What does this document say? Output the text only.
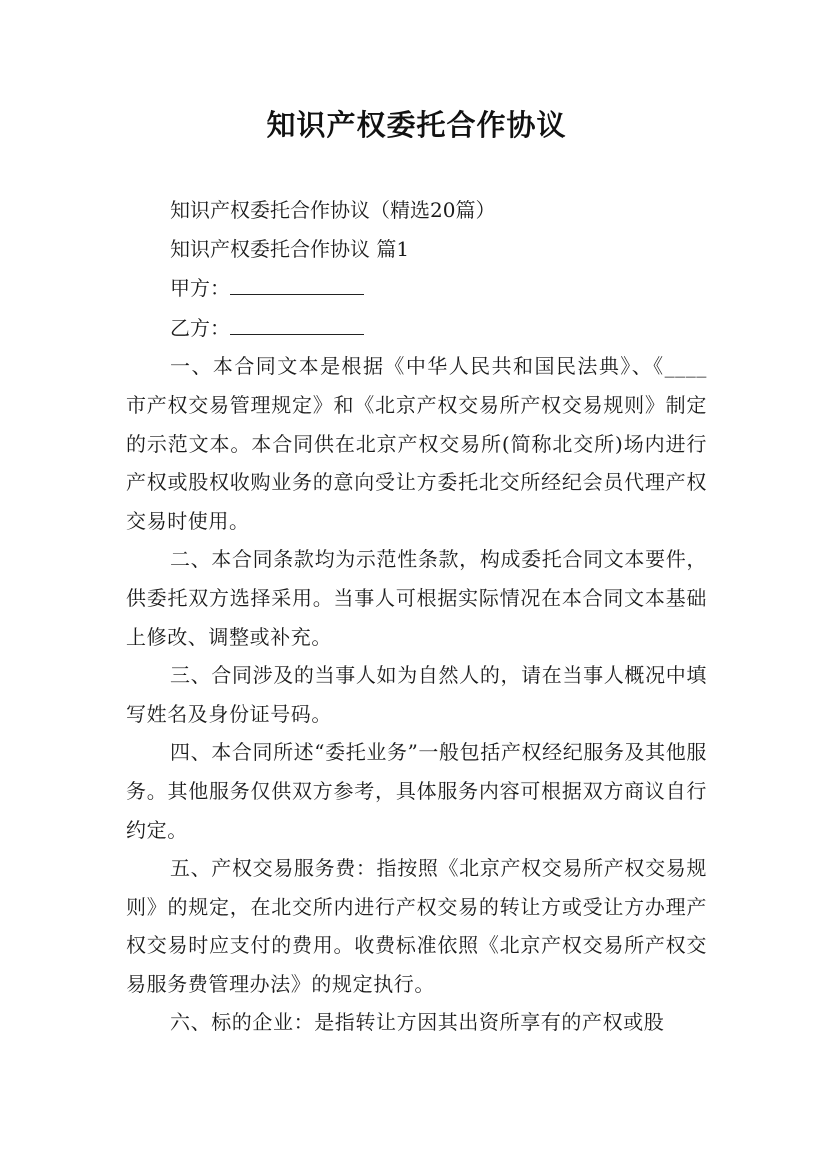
知识产权委托合作协议

知识产权委托合作协议（精选20篇）

知识产权委托合作协议 篇1

甲方：

乙方：

一、本合同文本是根据《中华人民共和国民法典》、《____市产权交易管理规定》和《北京产权交易所产权交易规则》制定的示范文本。本合同供在北京产权交易所(简称北交所)场内进行产权或股权收购业务的意向受让方委托北交所经纪会员代理产权交易时使用。

二、本合同条款均为示范性条款，构成委托合同文本要件，供委托双方选择采用。当事人可根据实际情况在本合同文本基础上修改、调整或补充。

三、合同涉及的当事人如为自然人的，请在当事人概况中填写姓名及身份证号码。

四、本合同所述“委托业务”一般包括产权经纪服务及其他服务。其他服务仅供双方参考，具体服务内容可根据双方商议自行约定。

五、产权交易服务费：指按照《北京产权交易所产权交易规则》的规定，在北交所内进行产权交易的转让方或受让方办理产权交易时应支付的费用。收费标准依照《北京产权交易所产权交易服务费管理办法》的规定执行。

六、标的企业：是指转让方因其出资所享有的产权或股
